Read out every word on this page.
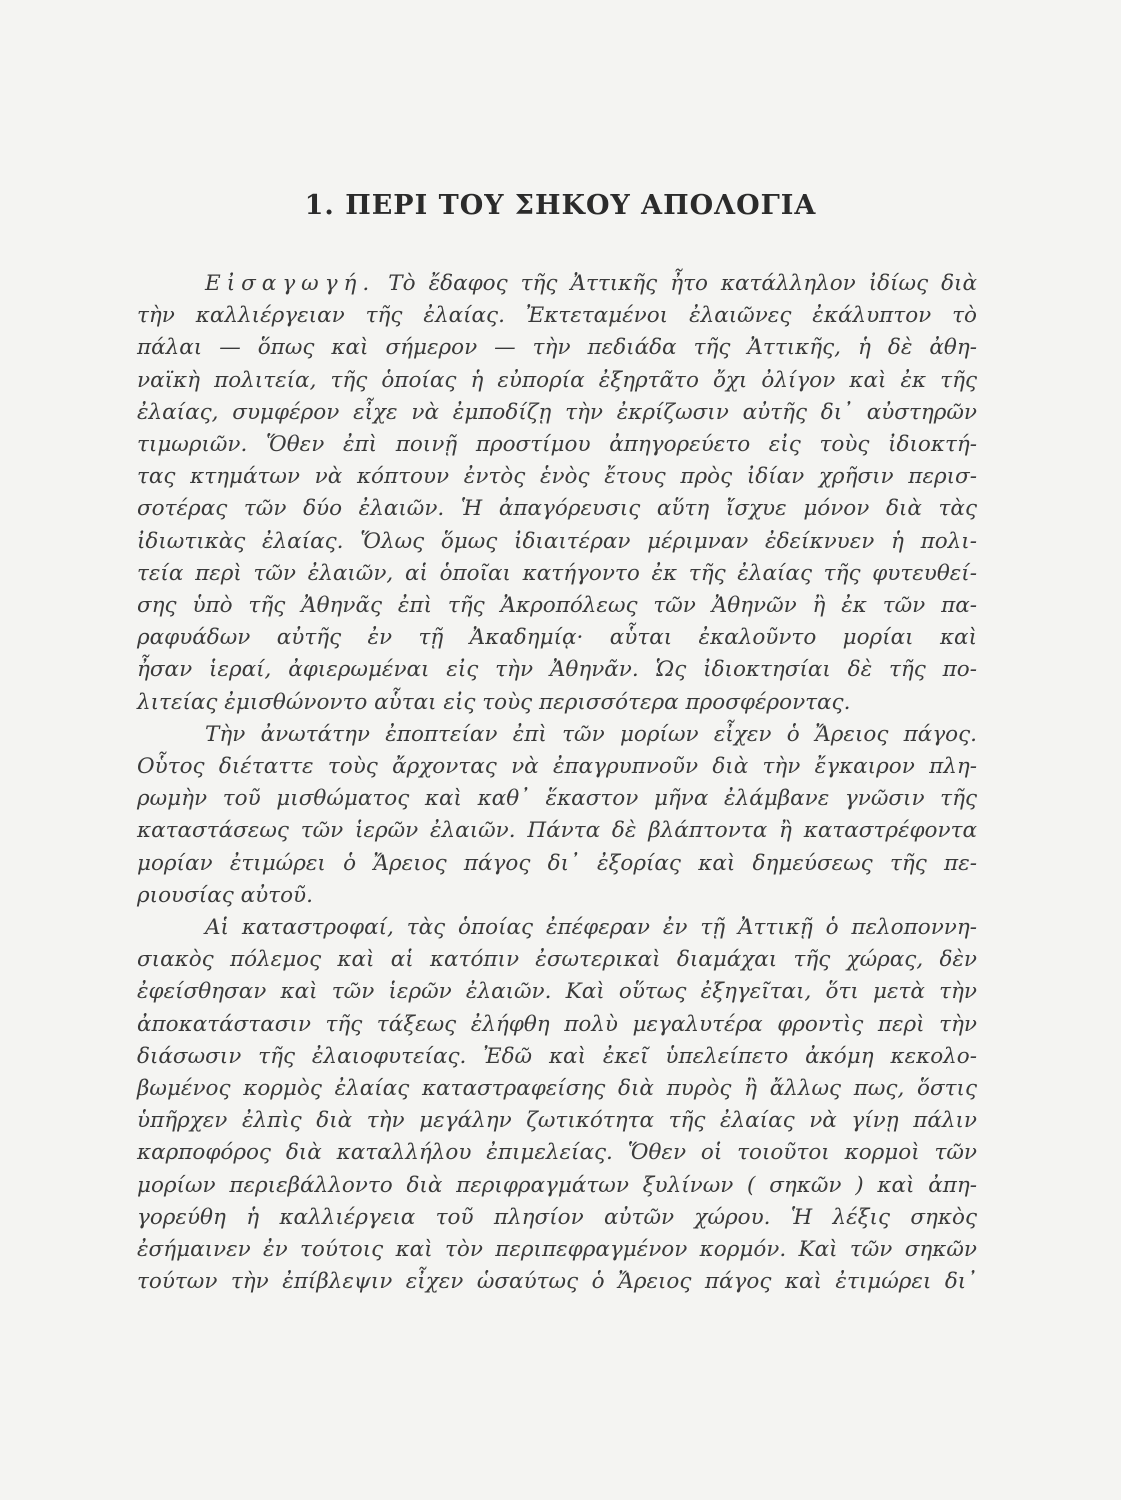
1. ΠΕΡΙ ΤΟΥ ΣΗΚΟΥ ΑΠΟΛΟΓΙΑ
Εἰσαγωγή. Τὸ ἔδαφος τῆς Ἀττικῆς ἦτο κατάλληλον ἰδίως διὰ
τὴν καλλιέργειαν τῆς ἐλαίας. Ἐκτεταμένοι ἐλαιῶνες ἐκάλυπτον τὸ
πάλαι — ὅπως καὶ σήμερον — τὴν πεδιάδα τῆς Ἀττικῆς, ἡ δὲ ἀθη-
ναϊκὴ πολιτεία, τῆς ὁποίας ἡ εὐπορία ἐξηρτᾶτο ὄχι ὀλίγον καὶ ἐκ τῆς
ἐλαίας, συμφέρον εἶχε νὰ ἐμποδίζῃ τὴν ἐκρίζωσιν αὐτῆς δι᾿ αὐστηρῶν
τιμωριῶν. Ὅθεν ἐπὶ ποινῇ προστίμου ἀπηγορεύετο εἰς τοὺς ἰδιοκτή-
τας κτημάτων νὰ κόπτουν ἐντὸς ἑνὸς ἔτους πρὸς ἰδίαν χρῆσιν περισ-
σοτέρας τῶν δύο ἐλαιῶν. Ἡ ἀπαγόρευσις αὕτη ἴσχυε μόνον διὰ τὰς
ἰδιωτικὰς ἐλαίας. Ὅλως ὅμως ἰδιαιτέραν μέριμναν ἐδείκνυεν ἡ πολι-
τεία περὶ τῶν ἐλαιῶν, αἱ ὁποῖαι κατήγοντο ἐκ τῆς ἐλαίας τῆς φυτευθεί-
σης ὑπὸ τῆς Ἀθηνᾶς ἐπὶ τῆς Ἀκροπόλεως τῶν Ἀθηνῶν ἢ ἐκ τῶν πα-
ραφυάδων αὐτῆς ἐν τῇ Ἀκαδημίᾳ· αὗται ἐκαλοῦντο μορίαι καὶ
ἦσαν ἱεραί, ἀφιερωμέναι εἰς τὴν Ἀθηνᾶν. Ὡς ἰδιοκτησίαι δὲ τῆς πο-
λιτείας ἐμισθώνοντο αὗται εἰς τοὺς περισσότερα προσφέροντας.
Τὴν ἀνωτάτην ἐποπτείαν ἐπὶ τῶν μορίων εἶχεν ὁ Ἄρειος πάγος.
Οὗτος διέταττε τοὺς ἄρχοντας νὰ ἐπαγρυπνοῦν διὰ τὴν ἔγκαιρον πλη-
ρωμὴν τοῦ μισθώματος καὶ καθ᾿ ἕκαστον μῆνα ἐλάμβανε γνῶσιν τῆς
καταστάσεως τῶν ἱερῶν ἐλαιῶν. Πάντα δὲ βλάπτοντα ἢ καταστρέφοντα
μορίαν ἐτιμώρει ὁ Ἄρειος πάγος δι᾿ ἐξορίας καὶ δημεύσεως τῆς πε-
ριουσίας αὐτοῦ.
Αἱ καταστροφαί, τὰς ὁποίας ἐπέφεραν ἐν τῇ Ἀττικῇ ὁ πελοποννη-
σιακὸς πόλεμος καὶ αἱ κατόπιν ἐσωτερικαὶ διαμάχαι τῆς χώρας, δὲν
ἐφείσθησαν καὶ τῶν ἱερῶν ἐλαιῶν. Καὶ οὕτως ἐξηγεῖται, ὅτι μετὰ τὴν
ἀποκατάστασιν τῆς τάξεως ἐλήφθη πολὺ μεγαλυτέρα φροντὶς περὶ τὴν
διάσωσιν τῆς ἐλαιοφυτείας. Ἐδῶ καὶ ἐκεῖ ὑπελείπετο ἀκόμη κεκολο-
βωμένος κορμὸς ἐλαίας καταστραφείσης διὰ πυρὸς ἢ ἄλλως πως, ὅστις
ὑπῆρχεν ἐλπὶς διὰ τὴν μεγάλην ζωτικότητα τῆς ἐλαίας νὰ γίνῃ πάλιν
καρποφόρος διὰ καταλλήλου ἐπιμελείας. Ὅθεν οἱ τοιοῦτοι κορμοὶ τῶν
μορίων περιεβάλλοντο διὰ περιφραγμάτων ξυλίνων ( σηκῶν ) καὶ ἀπη-
γορεύθη ἡ καλλιέργεια τοῦ πλησίον αὐτῶν χώρου. Ἡ λέξις σηκὸς
ἐσήμαινεν ἐν τούτοις καὶ τὸν περιπεφραγμένον κορμόν. Καὶ τῶν σηκῶν
τούτων τὴν ἐπίβλεψιν εἶχεν ὡσαύτως ὁ Ἄρειος πάγος καὶ ἐτιμώρει δι᾿
